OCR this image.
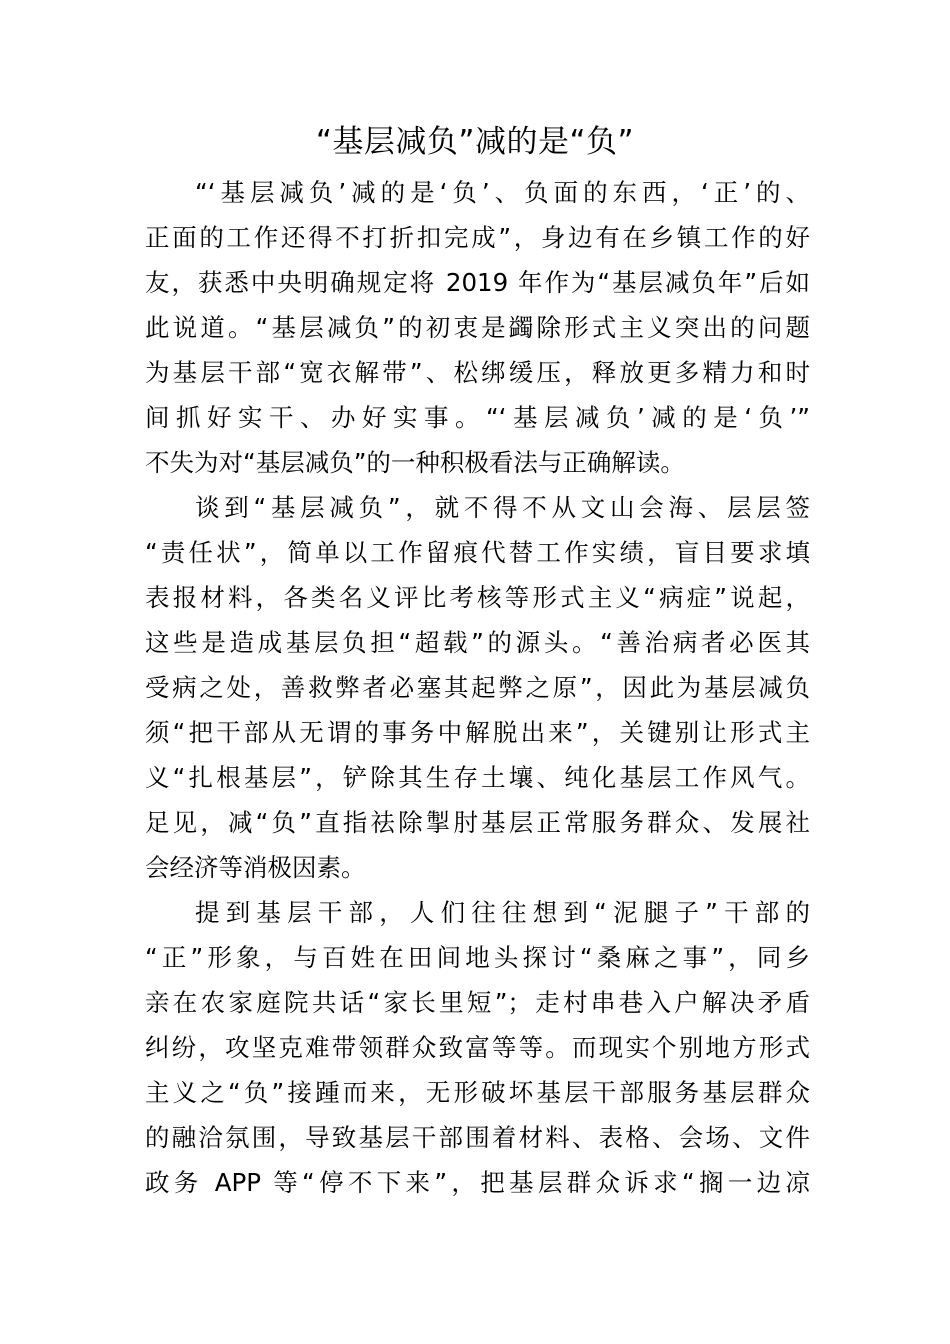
“基层减负”减的是“负”
“‘基层减负’减的是‘负’、负面的东西，‘正’的、
正面的工作还得不打折扣完成”，身边有在乡镇工作的好
友，获悉中央明确规定将 2019 年作为“基层减负年”后如
此说道。“基层减负”的初衷是蠲除形式主义突出的问题
为基层干部“宽衣解带”、松绑缓压，释放更多精力和时
间抓好实干、办好实事。“‘基层减负’减的是‘负’”
不失为对“基层减负”的一种积极看法与正确解读。
谈到“基层减负”，就不得不从文山会海、层层签
“责任状”，简单以工作留痕代替工作实绩，盲目要求填
表报材料，各类名义评比考核等形式主义“病症”说起，
这些是造成基层负担“超载”的源头。“善治病者必医其
受病之处，善救弊者必塞其起弊之原”，因此为基层减负
须“把干部从无谓的事务中解脱出来”，关键别让形式主
义“扎根基层”，铲除其生存土壤、纯化基层工作风气。
足见，减“负”直指祛除掣肘基层正常服务群众、发展社
会经济等消极因素。
提到基层干部，人们往往想到“泥腿子”干部的
“正”形象，与百姓在田间地头探讨“桑麻之事”，同乡
亲在农家庭院共话“家长里短”；走村串巷入户解决矛盾
纠纷，攻坚克难带领群众致富等等。而现实个别地方形式
主义之“负”接踵而来，无形破坏基层干部服务基层群众
的融洽氛围，导致基层干部围着材料、表格、会场、文件
政务 APP 等“停不下来”，把基层群众诉求“搁一边凉
